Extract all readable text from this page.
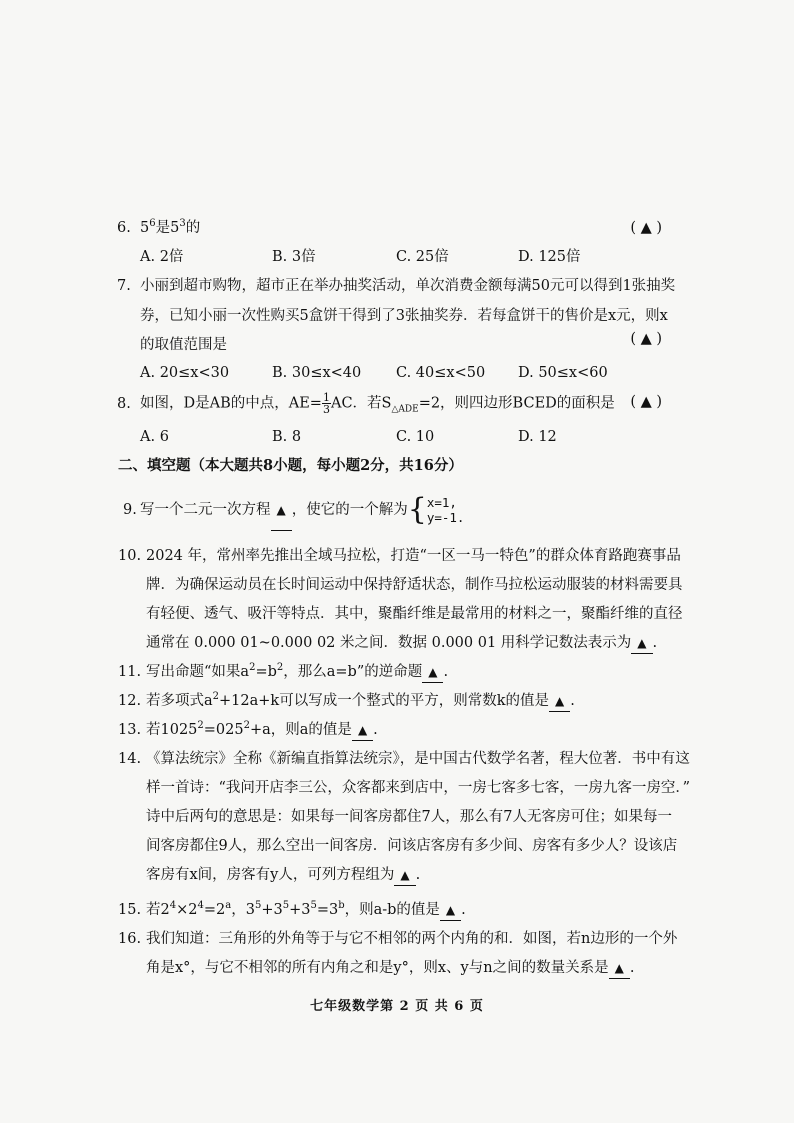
6. $5^6$是$5^3$的	( ▲ )
A. 2倍	B. 3倍	C. 25倍	D. 125倍
7. 小丽到超市购物，超市正在举办抽奖活动，单次消费金额每满50元可以得到1张抽奖
券，已知小丽一次性购买5盒饼干得到了3张抽奖券．若每盒饼干的售价是x元，则x
的取值范围是	( ▲ )
A. 20≤x<30	B. 30≤x<40 C. 40≤x<50 D. 50≤x<60
8. 如图，D是AB的中点，$AE= \frac{1}{3}$ AC．若$S_{\triangle ADE}=2$，则四边形BCED的面积是 ( ▲ )
A. 6	B. 8	C. 10	D. 12
二、填空题（本大题共8小题，每小题2分，共16分）
9. 写一个二元一次方程 ▲ ，使它的一个解为{ x=1,
y=-1.
10. 2024 年，常州率先推出全域马拉松，打造“一区一马一特色”的群众体育路跑赛事品
牌．为确保运动员在长时间运动中保持舒适状态，制作马拉松运动服装的材料需要具
有轻便、透气、吸汗等特点．其中，聚酯纤维是最常用的材料之一，聚酯纤维的直径
通常在 0.000 01~0.000 02 米之间．数据 0.000 01 用科学记数法表示为 ▲ .
11. 写出命题“如果$a^2=b^2$，那么a=b”的逆命题 ▲ .
12. 若多项式$a^2+12a+k$可以写成一个整式的平方，则常数k的值是 ▲ .
13. 若$1025^2=025^2+a$，则a的值是 ▲ .
14. 《算法统宗》全称《新编直指算法统宗》，是中国古代数学名著，程大位著．书中有这
样一首诗：“我问开店李三公，众客都来到店中，一房七客多七客，一房九客一房空．”
诗中后两句的意思是：如果每一间客房都住7人，那么有7人无客房可住；如果每一
间客房都住9人，那么空出一间客房．问该店客房有多少间、房客有多少人？设该店
客房有x间，房客有y人，可列方程组为 ▲ .
15. 若$2^4\times 2^4=2^a$，$3^5+3^5+3^5=3^b$，则a-b的值是 ▲ .
16. 我们知道：三角形的外角等于与它不相邻的两个内角的和．如图，若n边形的一个外
角是x°，与它不相邻的所有内角之和是y°，则x、y与n之间的数量关系是 ▲ .
七年级数学第 2 页 共 6 页
